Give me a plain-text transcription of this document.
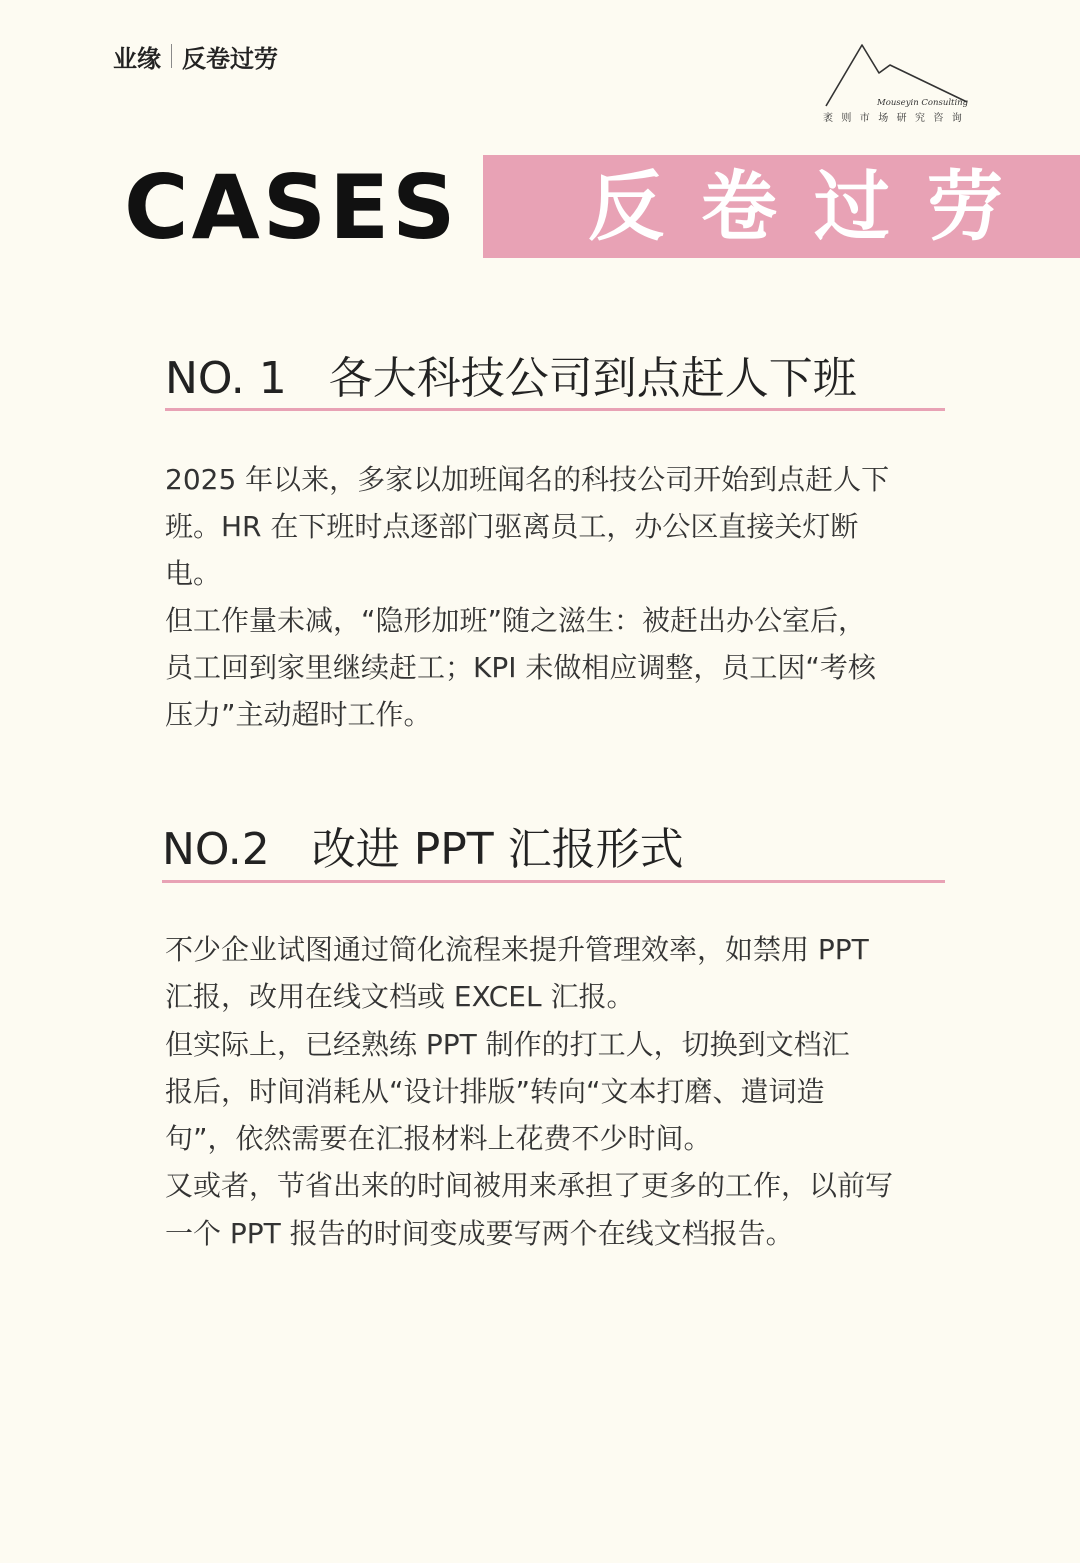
业缘 反卷过劳
Mouseyin Consulting
袤则市场研究咨询
CASES 反卷过劳
NO. 1 各大科技公司到点赶人下班
2025 年以来，多家以加班闻名的科技公司开始到点赶人下
班。HR 在下班时点逐部门驱离员工，办公区直接关灯断
电。
但工作量未减，“隐形加班”随之滋生：被赶出办公室后，
员工回到家里继续赶工；KPI 未做相应调整，员工因“考核
压力”主动超时工作。
NO.2 改进 PPT 汇报形式
不少企业试图通过简化流程来提升管理效率，如禁用 PPT
汇报，改用在线文档或 EXCEL 汇报。
但实际上，已经熟练 PPT 制作的打工人，切换到文档汇
报后，时间消耗从“设计排版”转向“文本打磨、遣词造
句”，依然需要在汇报材料上花费不少时间。
又或者，节省出来的时间被用来承担了更多的工作，以前写
一个 PPT 报告的时间变成要写两个在线文档报告。
